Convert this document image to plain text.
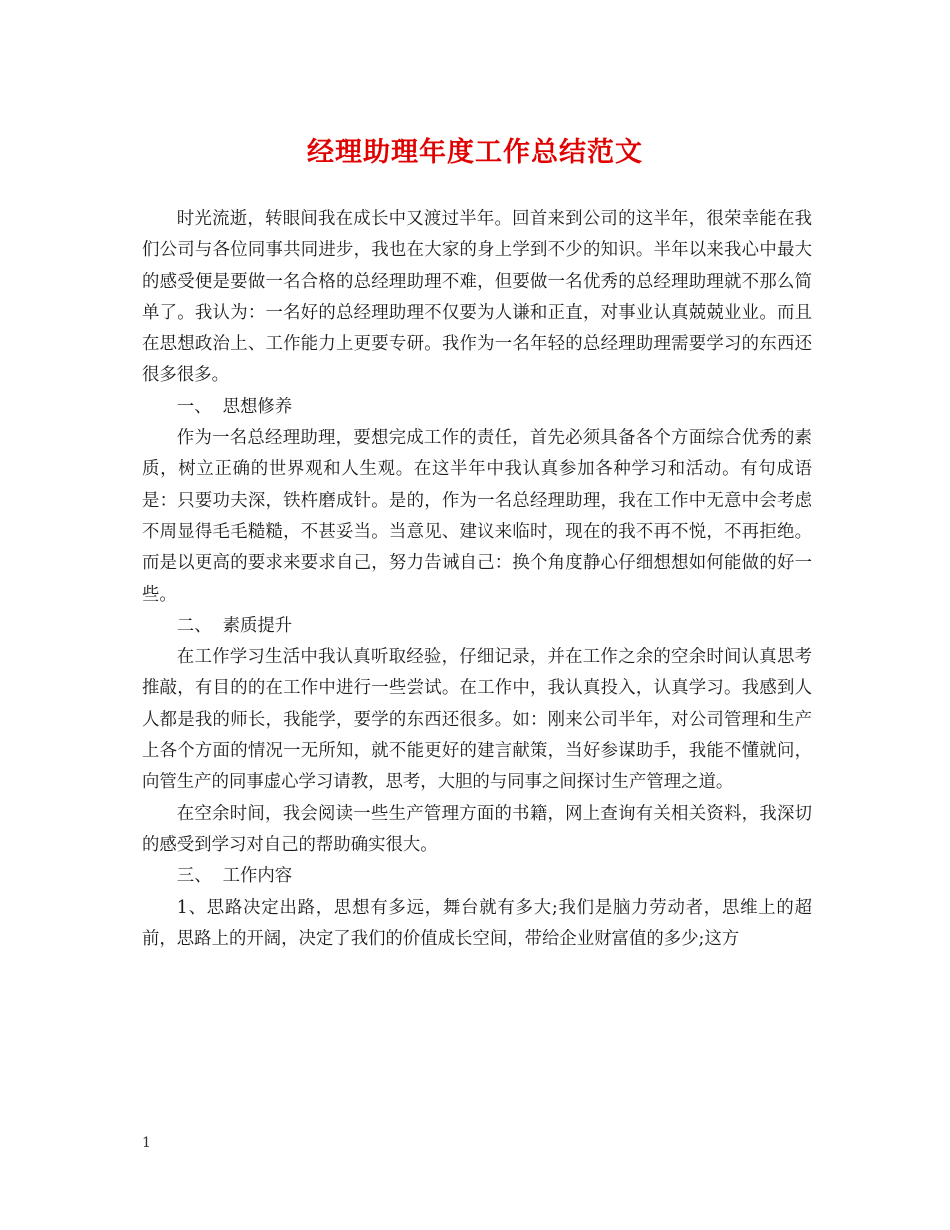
经理助理年度工作总结范文

时光流逝，转眼间我在成长中又渡过半年。回首来到公司的这半年，很荣幸能在我们公司与各位同事共同进步，我也在大家的身上学到不少的知识。半年以来我心中最大的感受便是要做一名合格的总经理助理不难，但要做一名优秀的总经理助理就不那么简单了。我认为：一名好的总经理助理不仅要为人谦和正直，对事业认真兢兢业业。而且在思想政治上、工作能力上更要专研。我作为一名年轻的总经理助理需要学习的东西还很多很多。

一、  思想修养

作为一名总经理助理，要想完成工作的责任，首先必须具备各个方面综合优秀的素质，树立正确的世界观和人生观。在这半年中我认真参加各种学习和活动。有句成语是：只要功夫深，铁杵磨成针。是的，作为一名总经理助理，我在工作中无意中会考虑不周显得毛毛糙糙，不甚妥当。当意见、建议来临时，现在的我不再不悦，不再拒绝。而是以更高的要求来要求自己，努力告诫自己：换个角度静心仔细想想如何能做的好一些。

二、  素质提升

在工作学习生活中我认真听取经验，仔细记录，并在工作之余的空余时间认真思考推敲，有目的的在工作中进行一些尝试。在工作中，我认真投入，认真学习。我感到人人都是我的师长，我能学，要学的东西还很多。如：刚来公司半年，对公司管理和生产上各个方面的情况一无所知，就不能更好的建言献策，当好参谋助手，我能不懂就问，向管生产的同事虚心学习请教，思考，大胆的与同事之间探讨生产管理之道。

在空余时间，我会阅读一些生产管理方面的书籍，网上查询有关相关资料，我深切的感受到学习对自己的帮助确实很大。

三、  工作内容

1、思路决定出路，思想有多远，舞台就有多大;我们是脑力劳动者，思维上的超前，思路上的开阔，决定了我们的价值成长空间，带给企业财富值的多少;这方

1
